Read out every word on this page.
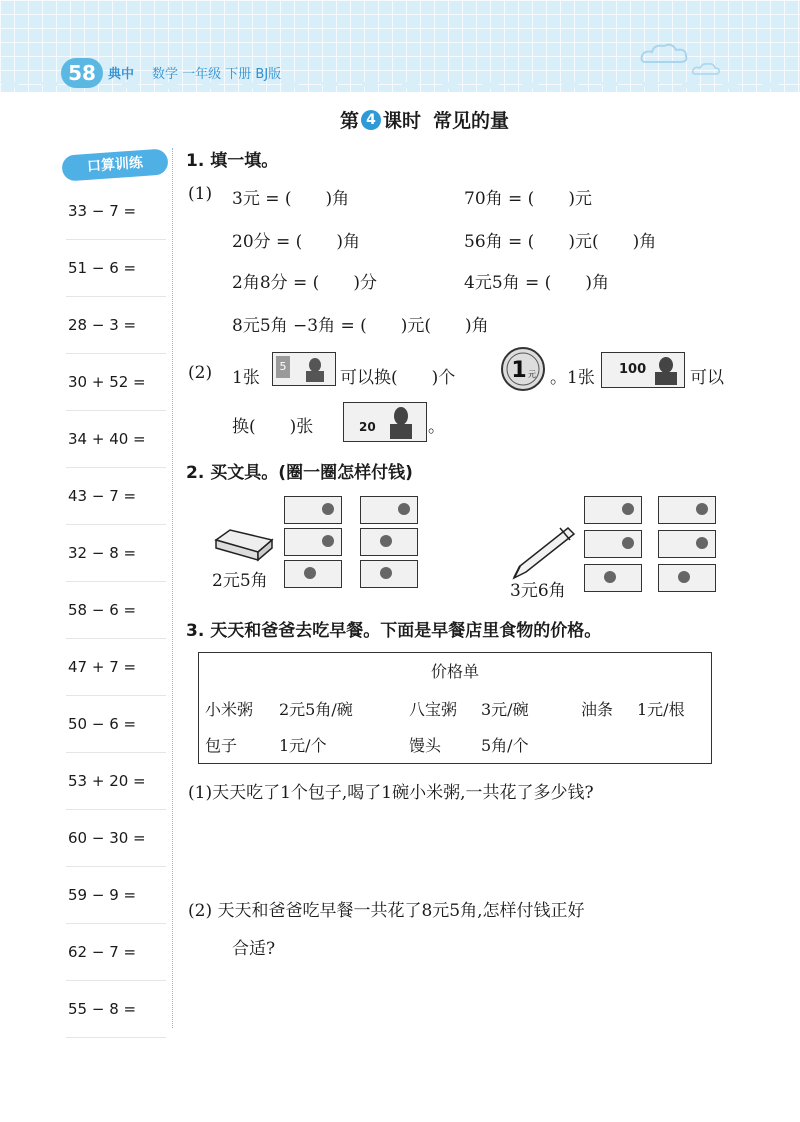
58 典中 数学 一年级 下册 BJ版
第 4 课时 常见的量
口算训练
33 − 7 =
51 − 6 =
28 − 3 =
30 + 52 =
34 + 40 =
43 − 7 =
32 − 8 =
58 − 6 =
47 + 7 =
50 − 6 =
53 + 20 =
60 − 30 =
59 − 9 =
62 − 7 =
55 − 8 =
1. 填一填。
(1) 3元 = (　　)角	70角 = (　　)元
20分 = (　　)角	56角 = (　　)元(　　)角
2角8分 = (　　)分	4元5角 = (　　)角
8元5角 −3角 = (　　)元(　　)角
(2) 1张
5
可以换(　　)个	1 元 。1张 100	可以
换(　　)张	20	。
2. 买文具。(圈一圈怎样付钱)
2元5角	3元6角
3. 天天和爸爸去吃早餐。下面是早餐店里食物的价格。
价格单
小米粥 2元5角/碗	八宝粥 3元/碗	油条 1元/根
包子	1元/个	馒头 5角/个
(1)天天吃了1个包子,喝了1碗小米粥,一共花了多少钱?
(2) 天天和爸爸吃早餐一共花了8元5角,怎样付钱正好
合适?
